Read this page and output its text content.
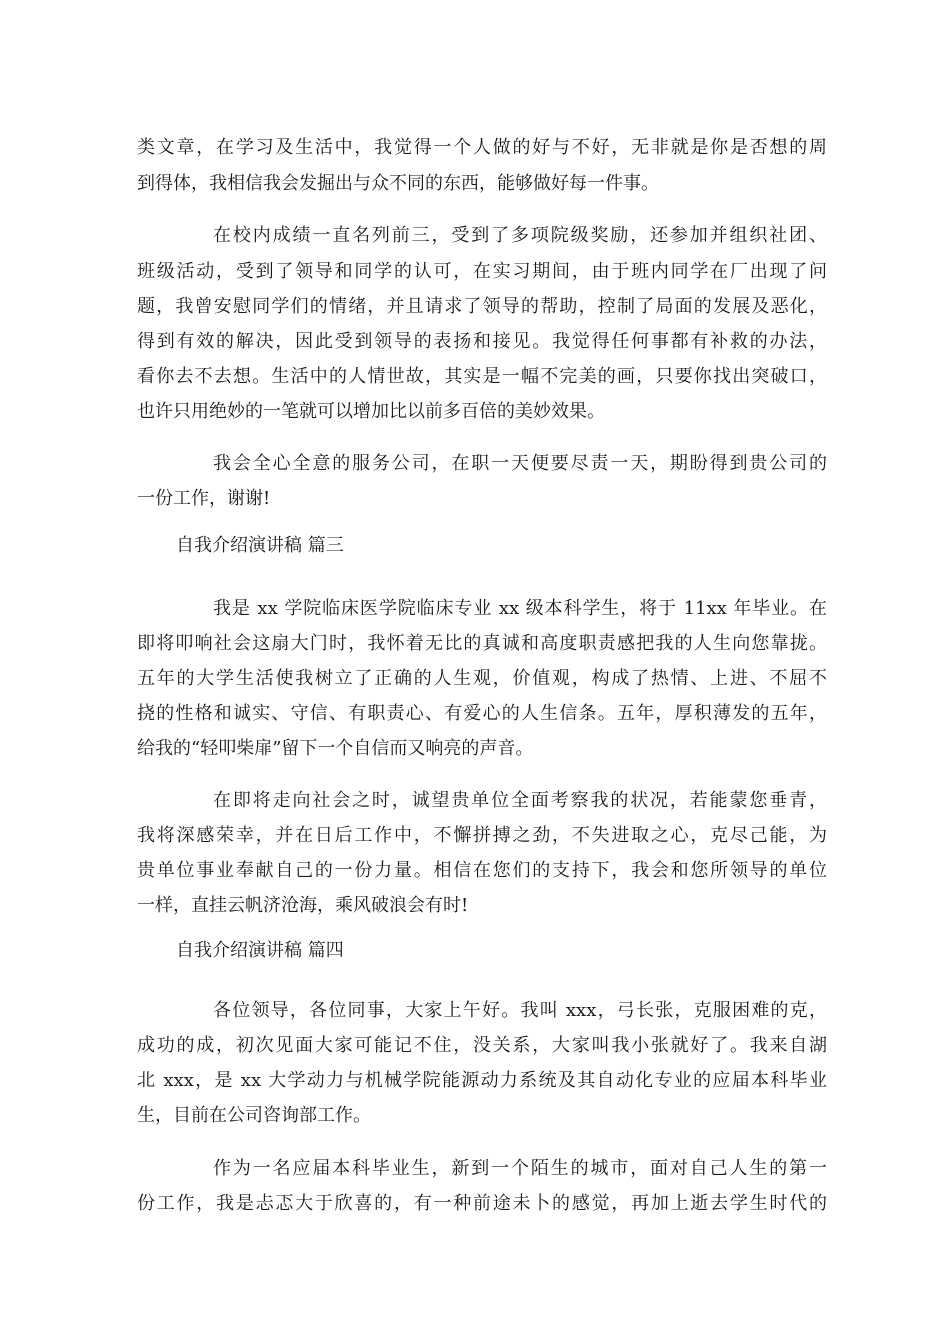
类文章，在学习及生活中，我觉得一个人做的好与不好，无非就是你是否想的周
到得体，我相信我会发掘出与众不同的东西，能够做好每一件事。
在校内成绩一直名列前三，受到了多项院级奖励，还参加并组织社团、
班级活动，受到了领导和同学的认可，在实习期间，由于班内同学在厂出现了问
题，我曾安慰同学们的情绪，并且请求了领导的帮助，控制了局面的发展及恶化，
得到有效的解决，因此受到领导的表扬和接见。我觉得任何事都有补救的办法，
看你去不去想。生活中的人情世故，其实是一幅不完美的画，只要你找出突破口，
也许只用绝妙的一笔就可以增加比以前多百倍的美妙效果。
我会全心全意的服务公司，在职一天便要尽责一天，期盼得到贵公司的
一份工作，谢谢!
自我介绍演讲稿 篇三
我是 xx 学院临床医学院临床专业 xx 级本科学生，将于 11xx 年毕业。在
即将叩响社会这扇大门时，我怀着无比的真诚和高度职责感把我的人生向您靠拢。
五年的大学生活使我树立了正确的人生观，价值观，构成了热情、上进、不屈不
挠的性格和诚实、守信、有职责心、有爱心的人生信条。五年，厚积薄发的五年，
给我的“轻叩柴扉”留下一个自信而又响亮的声音。
在即将走向社会之时，诚望贵单位全面考察我的状况，若能蒙您垂青，
我将深感荣幸，并在日后工作中，不懈拼搏之劲，不失进取之心，克尽己能，为
贵单位事业奉献自己的一份力量。相信在您们的支持下，我会和您所领导的单位
一样，直挂云帆济沧海，乘风破浪会有时!
自我介绍演讲稿 篇四
各位领导，各位同事，大家上午好。我叫 xxx，弓长张，克服困难的克，
成功的成，初次见面大家可能记不住，没关系，大家叫我小张就好了。我来自湖
北 xxx，是 xx 大学动力与机械学院能源动力系统及其自动化专业的应届本科毕业
生，目前在公司咨询部工作。
作为一名应届本科毕业生，新到一个陌生的城市，面对自己人生的第一
份工作，我是忐忑大于欣喜的，有一种前途未卜的感觉，再加上逝去学生时代的
